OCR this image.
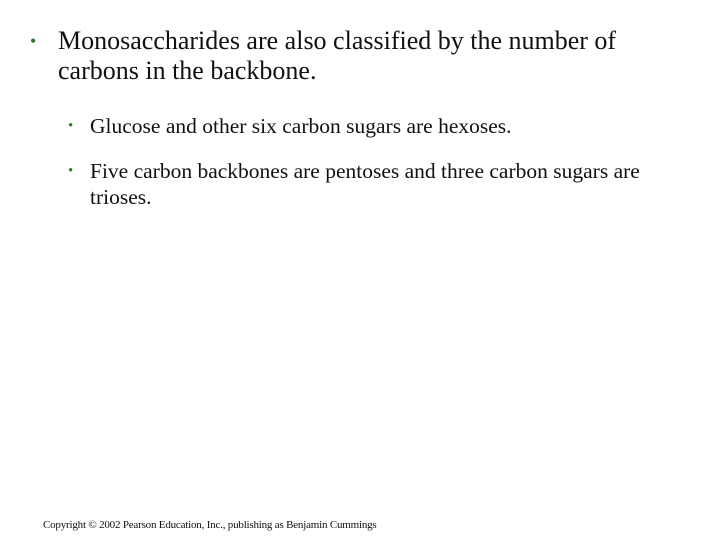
• Monosaccharides are also classified by the number of carbons in the backbone.
• Glucose and other six carbon sugars are hexoses.
• Five carbon backbones are pentoses and three carbon sugars are trioses.
Copyright © 2002 Pearson Education, Inc., publishing as Benjamin Cummings
